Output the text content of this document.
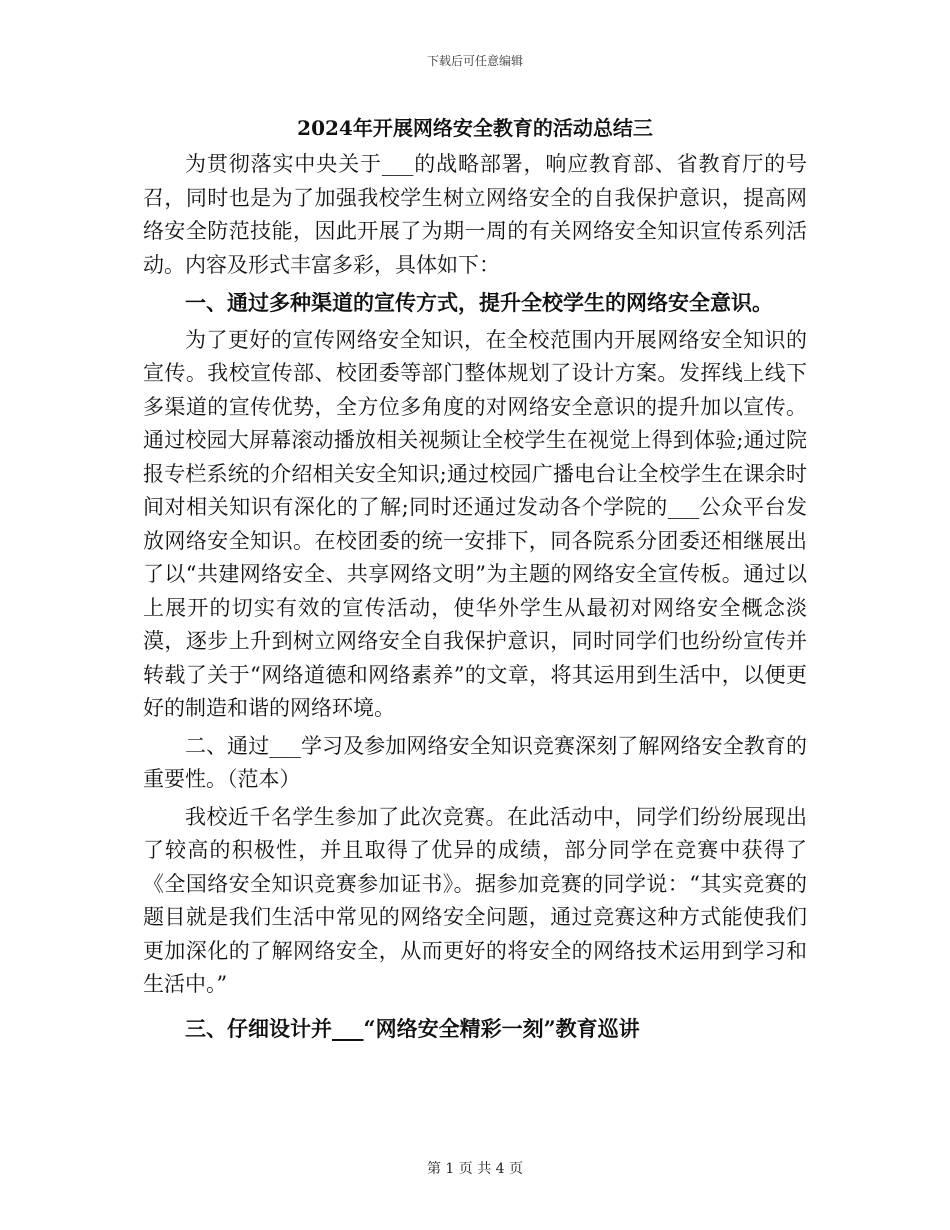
下载后可任意编辑
2024年开展网络安全教育的活动总结三

为贯彻落实中央关于___的战略部署，响应教育部、省教育厅的号召，同时也是为了加强我校学生树立网络安全的自我保护意识，提高网络安全防范技能，因此开展了为期一周的有关网络安全知识宣传系列活动。内容及形式丰富多彩，具体如下：

一、通过多种渠道的宣传方式，提升全校学生的网络安全意识。

为了更好的宣传网络安全知识，在全校范围内开展网络安全知识的宣传。我校宣传部、校团委等部门整体规划了设计方案。发挥线上线下多渠道的宣传优势，全方位多角度的对网络安全意识的提升加以宣传。通过校园大屏幕滚动播放相关视频让全校学生在视觉上得到体验;通过院报专栏系统的介绍相关安全知识;通过校园广播电台让全校学生在课余时间对相关知识有深化的了解;同时还通过发动各个学院的___公众平台发放网络安全知识。在校团委的统一安排下，同各院系分团委还相继展出了以“共建网络安全、共享网络文明”为主题的网络安全宣传板。通过以上展开的切实有效的宣传活动，使华外学生从最初对网络安全概念淡漠，逐步上升到树立网络安全自我保护意识，同时同学们也纷纷宣传并转载了关于“网络道德和网络素养”的文章，将其运用到生活中，以便更好的制造和谐的网络环境。

二、通过___学习及参加网络安全知识竞赛深刻了解网络安全教育的重要性。（范本）

我校近千名学生参加了此次竞赛。在此活动中，同学们纷纷展现出了较高的积极性，并且取得了优异的成绩，部分同学在竞赛中获得了《全国络安全知识竞赛参加证书》。据参加竞赛的同学说：“其实竞赛的题目就是我们生活中常见的网络安全问题，通过竞赛这种方式能使我们更加深化的了解网络安全，从而更好的将安全的网络技术运用到学习和生活中。”

三、仔细设计并___“网络安全精彩一刻”教育巡讲

第 1 页 共 4 页
